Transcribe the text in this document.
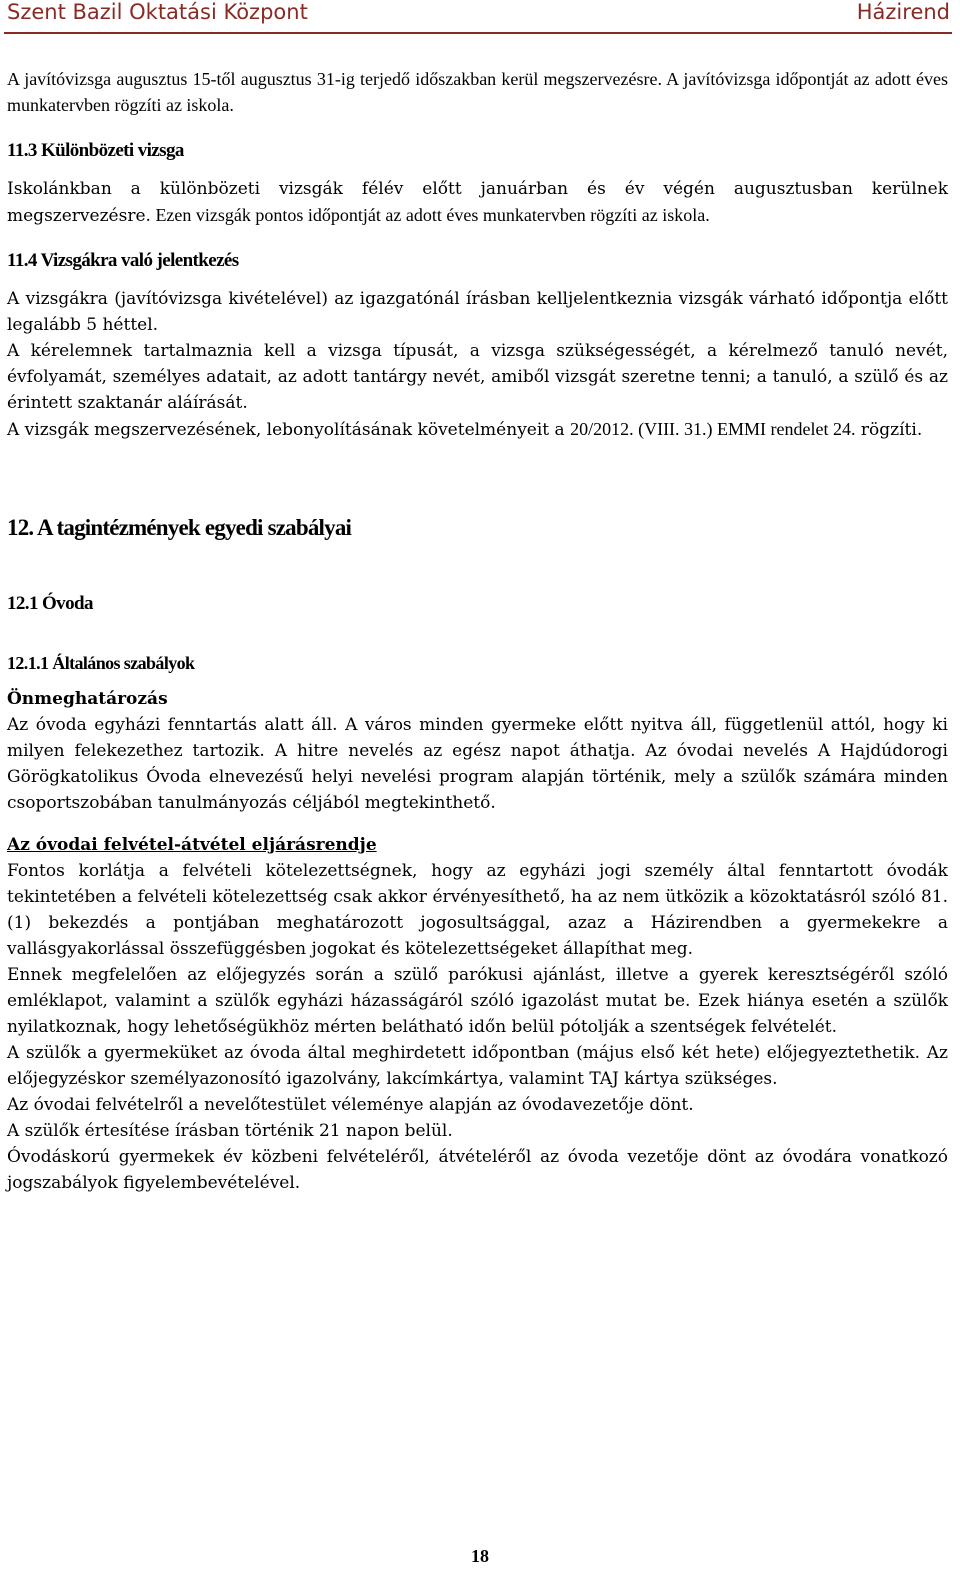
Szent Bazil Oktatási Központ	Házirend

A javítóvizsga augusztus 15-től augusztus 31-ig terjedő időszakban kerül megszervezésre. A javítóvizsga időpontját az adott éves munkatervben rögzíti az iskola.

11.3 Különbözeti vizsga

Iskolánkban a különbözeti vizsgák félév előtt januárban és év végén augusztusban kerülnek megszervezésre. Ezen vizsgák pontos időpontját az adott éves munkatervben rögzíti az iskola.

11.4 Vizsgákra való jelentkezés

A vizsgákra (javítóvizsga kivételével) az igazgatónál írásban kelljelentkeznia vizsgák várható időpontja előtt legalább 5 héttel.

A kérelemnek tartalmaznia kell a vizsga típusát, a vizsga szükségességét, a kérelmező tanuló nevét, évfolyamát, személyes adatait, az adott tantárgy nevét, amiből vizsgát szeretne tenni; a tanuló, a szülő és az érintett szaktanár aláírását.

A vizsgák megszervezésének, lebonyolításának követelményeit a 20/2012. (VIII. 31.) EMMI rendelet 24. rögzíti.

12. A tagintézmények egyedi szabályai

12.1 Óvoda

12.1.1 Általános szabályok

Önmeghatározás

Az óvoda egyházi fenntartás alatt áll. A város minden gyermeke előtt nyitva áll, függetlenül attól, hogy ki milyen felekezethez tartozik. A hitre nevelés az egész napot áthatja. Az óvodai nevelés A Hajdúdorogi Görögkatolikus Óvoda elnevezésű helyi nevelési program alapján történik, mely a szülők számára minden csoportszobában tanulmányozás céljából megtekinthető.

Az óvodai felvétel-átvétel eljárásrendje

Fontos korlátja a felvételi kötelezettségnek, hogy az egyházi jogi személy által fenntartott óvodák tekintetében a felvételi kötelezettség csak akkor érvényesíthető, ha az nem ütközik a közoktatásról szóló 81. (1) bekezdés a pontjában meghatározott jogosultsággal, azaz a Házirendben a gyermekekre a vallásgyakorlással összefüggésben jogokat és kötelezettségeket állapíthat meg.

Ennek megfelelően az előjegyzés során a szülő parókusi ajánlást, illetve a gyerek keresztségéről szóló emléklapot, valamint a szülők egyházi házasságáról szóló igazolást mutat be. Ezek hiánya esetén a szülők nyilatkoznak, hogy lehetőségükhöz mérten belátható időn belül pótolják a szentségek felvételét.

A szülők a gyermeküket az óvoda által meghirdetett időpontban (május első két hete) előjegyeztethetik. Az előjegyzéskor személyazonosító igazolvány, lakcímkártya, valamint TAJ kártya szükséges.

Az óvodai felvételről a nevelőtestület véleménye alapján az óvodavezetője dönt.

A szülők értesítése írásban történik 21 napon belül.

Óvodáskorú gyermekek év közbeni felvételéről, átvételéről az óvoda vezetője dönt az óvodára vonatkozó jogszabályok figyelembevételével.

18
